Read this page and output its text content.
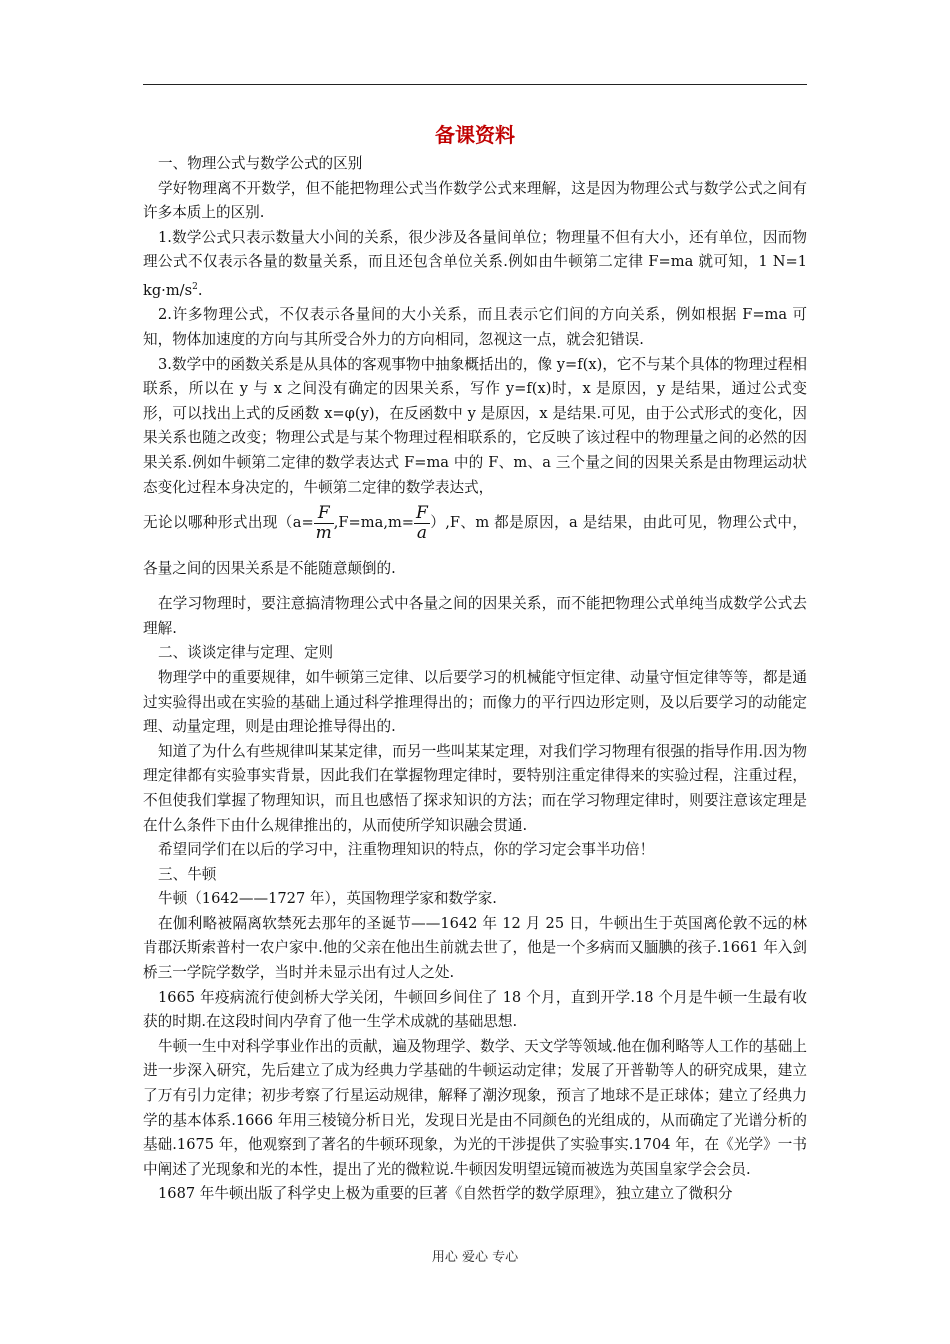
备课资料

一、物理公式与数学公式的区别

学好物理离不开数学，但不能把物理公式当作数学公式来理解，这是因为物理公式与数学公式之间有许多本质上的区别.

1.数学公式只表示数量大小间的关系，很少涉及各量间单位；物理量不但有大小，还有单位，因而物理公式不仅表示各量的数量关系，而且还包含单位关系.例如由牛顿第二定律 F=ma 就可知，1 N=1 $kg\cdot m/s^2$.

2.许多物理公式，不仅表示各量间的大小关系，而且表示它们间的方向关系，例如根据 F=ma 可知，物体加速度的方向与其所受合外力的方向相同，忽视这一点，就会犯错误.

3.数学中的函数关系是从具体的客观事物中抽象概括出的，像 y=f(x)，它不与某个具体的物理过程相联系，所以在 y 与 x 之间没有确定的因果关系，写作 y=f(x)时，x 是原因，y 是结果，通过公式变形，可以找出上式的反函数 x=φ(y)，在反函数中 y 是原因，x 是结果.可见，由于公式形式的变化，因果关系也随之改变；物理公式是与某个物理过程相联系的，它反映了该过程中的物理量之间的必然的因果关系.例如牛顿第二定律的数学表达式 F=ma 中的 F、m、a 三个量之间的因果关系是由物理运动状态变化过程本身决定的，牛顿第二定律的数学表达式，

无论以哪种形式出现$(a= \frac{F}{m} ,F=ma,m= \frac{F}{a} ),F$、m 都是原因，a 是结果，由此可见，物理公式中，各量之间的因果关系是不能随意颠倒的.

在学习物理时，要注意搞清物理公式中各量之间的因果关系，而不能把物理公式单纯当成数学公式去理解.

二、谈谈定律与定理、定则

物理学中的重要规律，如牛顿第三定律、以后要学习的机械能守恒定律、动量守恒定律等等，都是通过实验得出或在实验的基础上通过科学推理得出的；而像力的平行四边形定则，及以后要学习的动能定理、动量定理，则是由理论推导得出的.

知道了为什么有些规律叫某某定律，而另一些叫某某定理，对我们学习物理有很强的指导作用.因为物理定律都有实验事实背景，因此我们在掌握物理定律时，要特别注重定律得来的实验过程，注重过程，不但使我们掌握了物理知识，而且也感悟了探求知识的方法；而在学习物理定律时，则要注意该定理是在什么条件下由什么规律推出的，从而使所学知识融会贯通.

希望同学们在以后的学习中，注重物理知识的特点，你的学习定会事半功倍！

三、牛顿

牛顿（1642——1727 年），英国物理学家和数学家.

在伽利略被隔离软禁死去那年的圣诞节——1642 年 12 月 25 日，牛顿出生于英国离伦敦不远的林肯郡沃斯索普村一农户家中.他的父亲在他出生前就去世了，他是一个多病而又腼腆的孩子.1661 年入剑桥三一学院学数学，当时并未显示出有过人之处.

1665 年疫病流行使剑桥大学关闭，牛顿回乡间住了 18 个月，直到开学.18 个月是牛顿一生最有收获的时期.在这段时间内孕育了他一生学术成就的基础思想.

牛顿一生中对科学事业作出的贡献，遍及物理学、数学、天文学等领域.他在伽利略等人工作的基础上进一步深入研究，先后建立了成为经典力学基础的牛顿运动定律；发展了开普勒等人的研究成果，建立了万有引力定律；初步考察了行星运动规律，解释了潮汐现象，预言了地球不是正球体；建立了经典力学的基本体系.1666 年用三棱镜分析日光，发现日光是由不同颜色的光组成的，从而确定了光谱分析的基础.1675 年，他观察到了著名的牛顿环现象，为光的干涉提供了实验事实.1704 年，在《光学》一书中阐述了光现象和光的本性，提出了光的微粒说.牛顿因发明望远镜而被选为英国皇家学会会员.

1687 年牛顿出版了科学史上极为重要的巨著《自然哲学的数学原理》，独立建立了微积分

用心 爱心 专心
